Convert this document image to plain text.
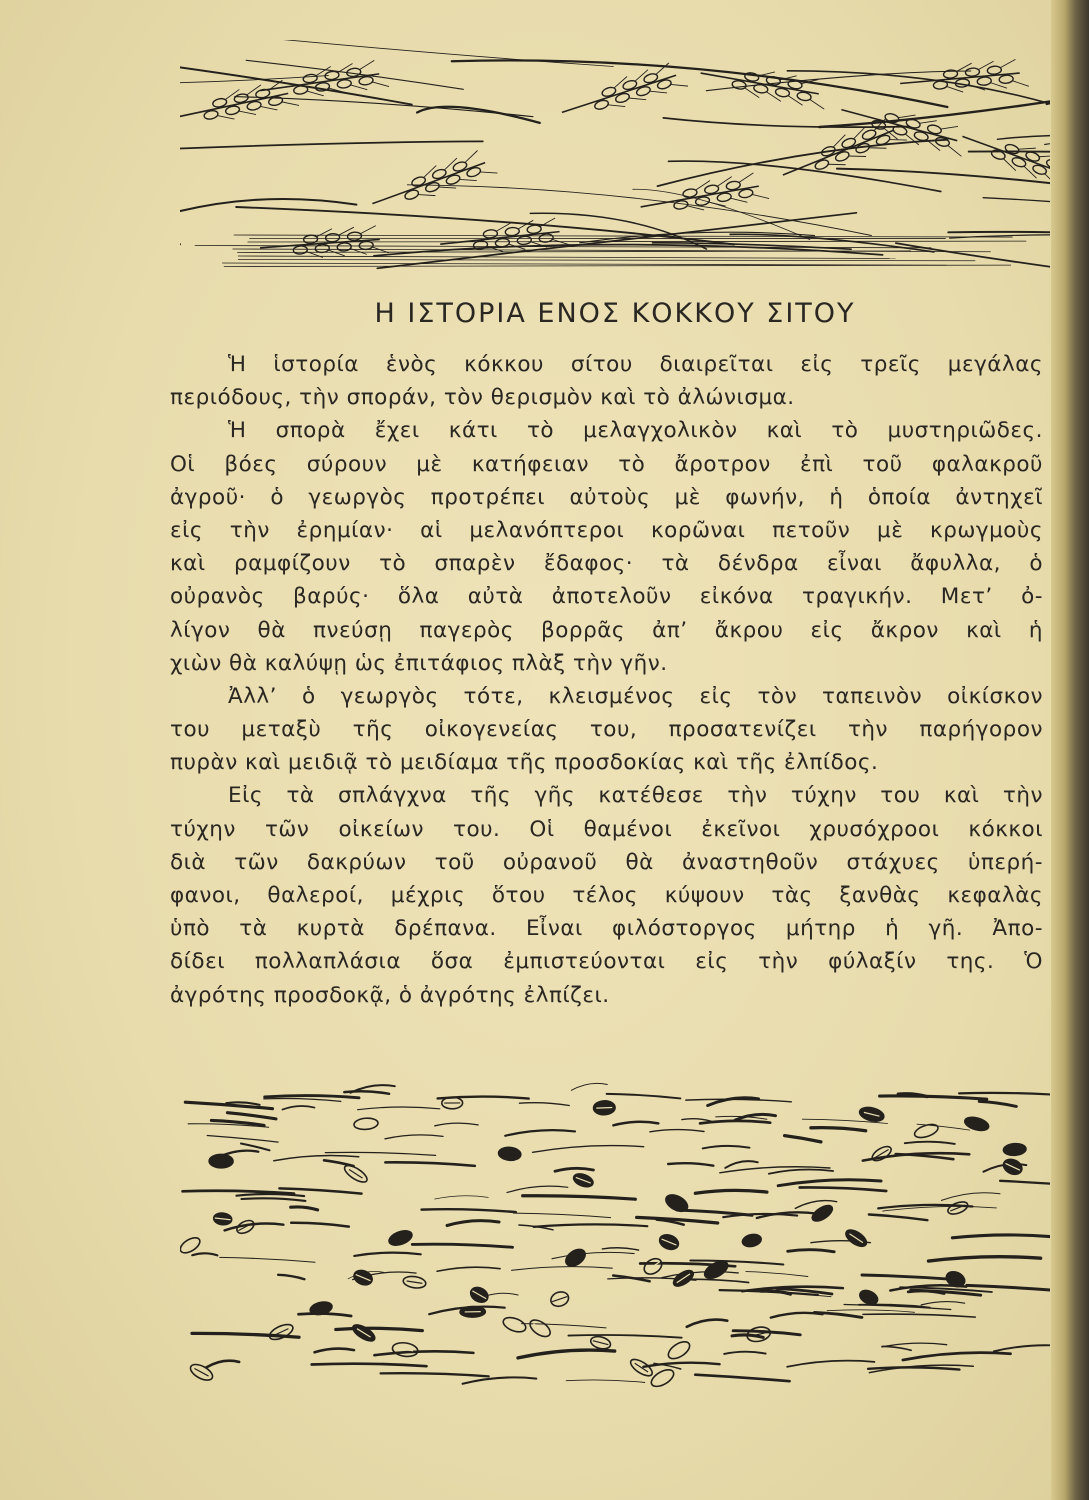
Η ΙΣΤΟΡΙΑ ΕΝΟΣ ΚΟΚΚΟΥ ΣΙΤΟΥ

Ἡ ἱστορία ἑνὸς κόκκου σίτου διαιρεῖται εἰς τρεῖς μεγάλας
περιόδους, τὴν σποράν, τὸν θερισμὸν καὶ τὸ ἀλώνισμα.

Ἡ σπορὰ ἔχει κάτι τὸ μελαγχολικὸν καὶ τὸ μυστηριῶδες.
Οἱ βόες σύρουν μὲ κατήφειαν τὸ ἄροτρον ἐπὶ τοῦ φαλακροῦ
ἀγροῦ· ὁ γεωργὸς προτρέπει αὐτοὺς μὲ φωνήν, ἡ ὁποία ἀντηχεῖ
εἰς τὴν ἐρημίαν· αἱ μελανόπτεροι κορῶναι πετοῦν μὲ κρωγμοὺς
καὶ ραμφίζουν τὸ σπαρὲν ἔδαφος· τὰ δένδρα εἶναι ἄφυλλα, ὁ
οὐρανὸς βαρύς· ὅλα αὐτὰ ἀποτελοῦν εἰκόνα τραγικήν. Μετ’ ὀ-
λίγον θὰ πνεύσῃ παγερὸς βορρᾶς ἀπ’ ἄκρου εἰς ἄκρον καὶ ἡ
χιὼν θὰ καλύψῃ ὡς ἐπιτάφιος πλὰξ τὴν γῆν.

Ἀλλ’ ὁ γεωργὸς τότε, κλεισμένος εἰς τὸν ταπεινὸν οἰκίσκον
του μεταξὺ τῆς οἰκογενείας του, προσατενίζει τὴν παρήγορον
πυρὰν καὶ μειδιᾷ τὸ μειδίαμα τῆς προσδοκίας καὶ τῆς ἐλπίδος.

Εἰς τὰ σπλάγχνα τῆς γῆς κατέθεσε τὴν τύχην του καὶ τὴν
τύχην τῶν οἰκείων του. Οἱ θαμένοι ἐκεῖνοι χρυσόχροοι κόκκοι
διὰ τῶν δακρύων τοῦ οὐρανοῦ θὰ ἀναστηθοῦν στάχυες ὑπερή-
φανοι, θαλεροί, μέχρις ὅτου τέλος κύψουν τὰς ξανθὰς κεφαλὰς
ὑπὸ τὰ κυρτὰ δρέπανα. Εἶναι φιλόστοργος μήτηρ ἡ γῆ. Ἀπο-
δίδει πολλαπλάσια ὅσα ἐμπιστεύονται εἰς τὴν φύλαξίν της. Ὁ
ἀγρότης προσδοκᾷ, ὁ ἀγρότης ἐλπίζει.
